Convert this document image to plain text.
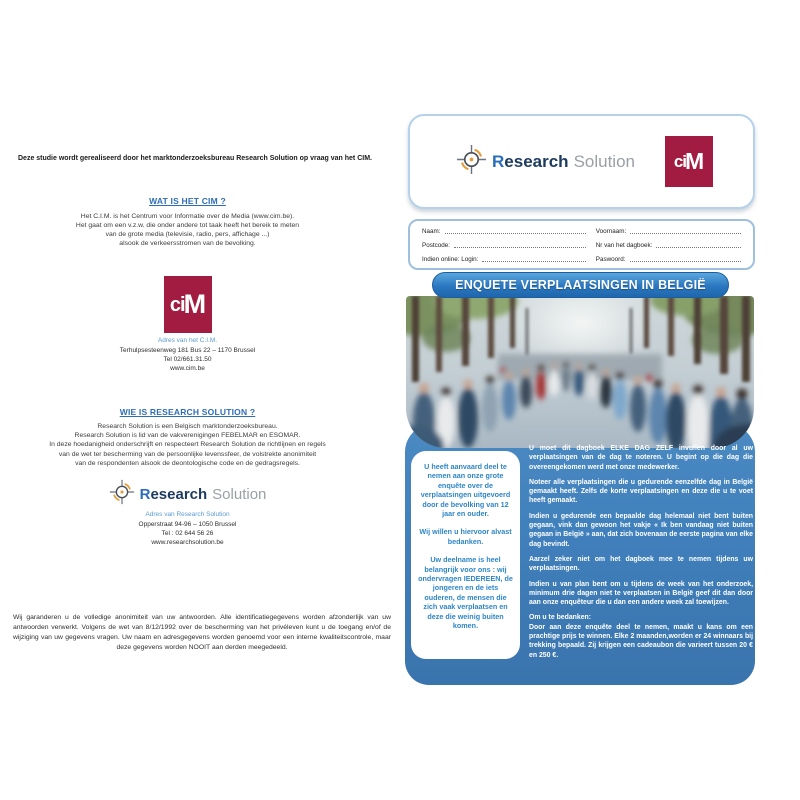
Deze studie wordt gerealiseerd door het marktonderzoeksbureau Research Solution op vraag van het CIM.
WAT IS HET CIM ?
Het C.I.M. is het Centrum voor Informatie over de Media (www.cim.be).
Het gaat om een v.z.w. die onder andere tot taak heeft het bereik te meten
van de grote media (televisie, radio, pers, affichage ...)
alsook de verkeersstromen van de bevolking.
ci M
Adres van het C.I.M.
Terhulpsesteenweg 181 Bus 22 – 1170 Brussel
Tel 02/661.31.50
www.cim.be
WIE IS RESEARCH SOLUTION ?
Research Solution is een Belgisch marktonderzoeksbureau.
Research Solution is lid van de vakverenigingen FEBELMAR en ESOMAR.
In deze hoedanigheid onderschrijft en respecteert Research Solution de richtlijnen en regels
van de wet ter bescherming van de persoonlijke levenssfeer, de volstrekte anonimiteit
van de respondenten alsook de deontologische code en de gedragsregels.
Research Solution
Adres van Research Solution
Opperstraat 94-96 – 1050 Brussel
Tel : 02 644 56 26
www.researchsolution.be
Wij garanderen u de volledige anonimiteit van uw antwoorden. Alle identificatiegegevens worden afzonderlijk van uw antwoorden verwerkt. Volgens de wet van 8/12/1992 over de bescherming van het privéleven kunt u de toegang en/of de wijziging van uw gegevens vragen. Uw naam en adresgegevens worden genoemd voor een interne kwaliteitscontrole, maar deze gegevens worden NOOIT aan derden meegedeeld.
Research Solution ci M
Naam:	Voornaam:
Postcode:	Nr van het dagboek:
Indien online: Login:	Paswoord:
ENQUETE VERPLAATSINGEN IN BELGIË

U heeft aanvaard deel te nemen aan onze grote enquête over de verplaatsingen uitgevoerd door de bevolking van 12 jaar en ouder.

Wij willen u hiervoor alvast bedanken.

Uw deelname is heel belangrijk voor ons : wij ondervragen IEDEREEN, de jongeren en de iets ouderen, de mensen die zich vaak verplaatsen en deze die weinig buiten komen.

U moet dit dagboek ELKE DAG ZELF invullen door al uw verplaatsingen van de dag te noteren. U begint op die dag die overeengekomen werd met onze medewerker.

Noteer alle verplaatsingen die u gedurende eenzelfde dag in België gemaakt heeft. Zelfs de korte verplaatsingen en deze die u te voet heeft gemaakt.

Indien u gedurende een bepaalde dag helemaal niet bent buiten gegaan, vink dan gewoon het vakje « Ik ben vandaag niet buiten gegaan in België » aan, dat zich bovenaan de eerste pagina van elke dag bevindt.

Aarzel zeker niet om het dagboek mee te nemen tijdens uw verplaatsingen.

Indien u van plan bent om u tijdens de week van het onderzoek, minimum drie dagen niet te verplaatsen in België geef dit dan door aan onze enquêteur die u dan een andere week zal toewijzen.

Om u te bedanken:

Door aan deze enquête deel te nemen, maakt u kans om een prachtige prijs te winnen. Elke 2 maanden,worden er 24 winnaars bij trekking bepaald. Zij krijgen een cadeaubon die varieert tussen 20 € en 250 €.
